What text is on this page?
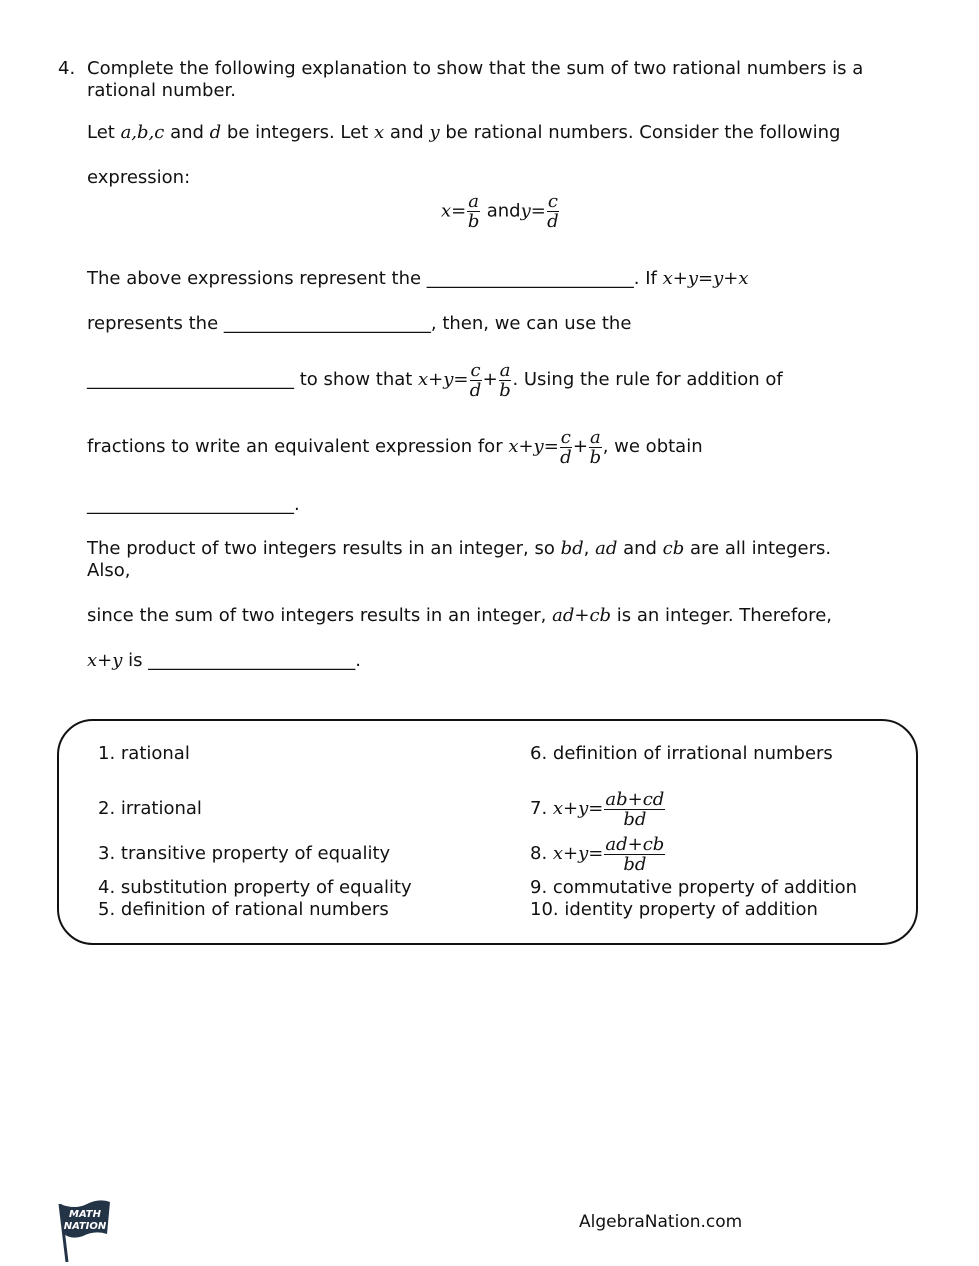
4. Complete the following explanation to show that the sum of two rational numbers is a
rational number.
Let a,b,c and d be integers. Let x and y be rational numbers. Consider the following
expression:
$x= \frac{a}{b}$ andy= $\frac{c}{d}$
The above expressions represent the _______________________. If x+y=y+x
represents the _______________________, then, we can use the
_______________________ to show that $x+y= \frac{c}{d} + \frac{a}{b}$ . Using the rule for addition of
fractions to write an equivalent expression for $x+y= \frac{c}{d} + \frac{a}{b}$ , we obtain
_______________________.
The product of two integers results in an integer, so bd, ad and cb are all integers.
Also,
since the sum of two integers results in an integer, ad+cb is an integer. Therefore,
x+y is _______________________.
1. rational
2. irrational
3. transitive property of equality
4. substitution property of equality
5. definition of rational numbers
6. definition of irrational numbers
7. $x+y= \frac{ab+cd}{bd}$
8. $x+y= \frac{ad+cb}{bd}$
9. commutative property of addition
10. identity property of addition
MATH
NATION	AlgebraNation.com
